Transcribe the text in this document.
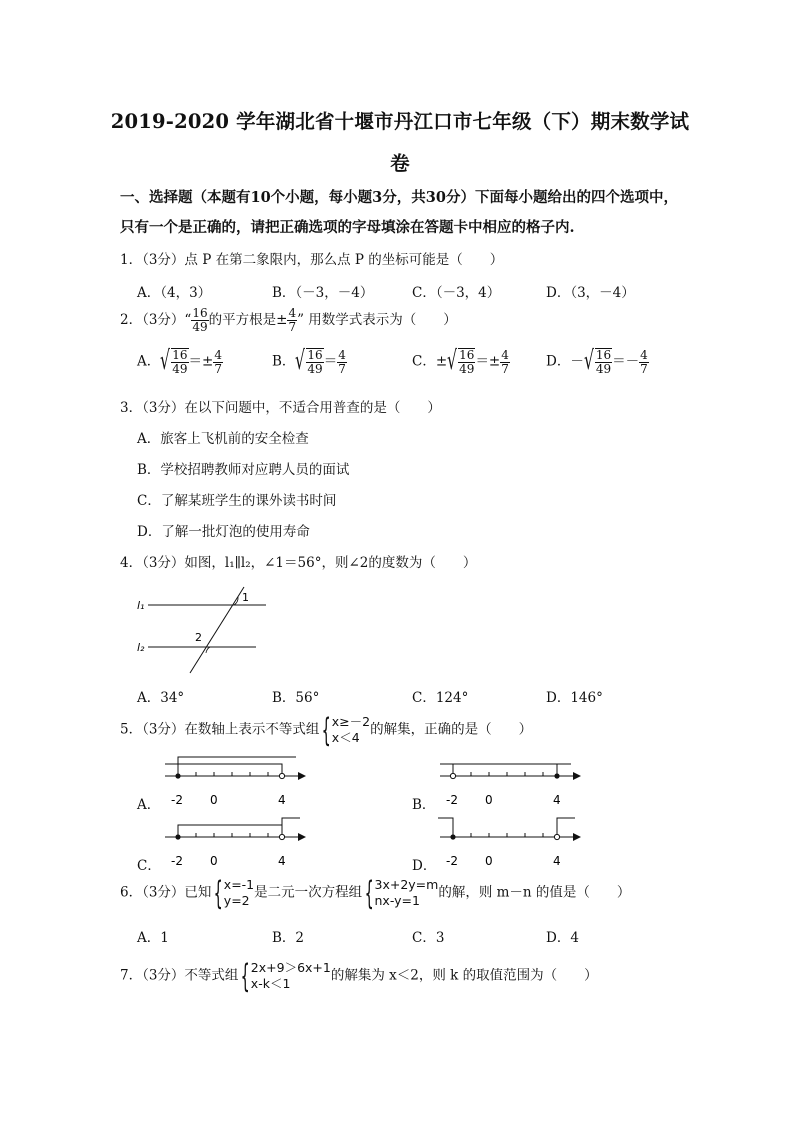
2019-2020 学年湖北省十堰市丹江口市七年级（下）期末数学试
卷
一、选择题（本题有10个小题，每小题3分，共30分）下面每小题给出的四个选项中，
只有一个是正确的，请把正确选项的字母填涂在答题卡中相应的格子内.
1．（3分）点 P 在第二象限内，那么点 P 的坐标可能是（　　）
A．（4，3）	B．（－3，－4）	C．（－3，4）	D．（3，－4）
2．（3分）“ $\frac{16}{49}$ 的平方根是± $\frac{4}{7}$ ” 用数学式表示为（　　）
A． √ $\frac{16}{49} =\pm \frac{4}{7}$	B． √ $\frac{16}{49} = \frac{4}{7}$	C．± √ $\frac{16}{49} =\pm \frac{4}{7}$	D．－ √ $\frac{16}{49} =- \frac{4}{7}$
3．（3分）在以下问题中，不适合用普查的是（　　）
A．旅客上飞机前的安全检查
B．学校招聘教师对应聘人员的面试
C．了解某班学生的课外读书时间
D．了解一批灯泡的使用寿命
4．（3分）如图，l₁∥l₂，∠1＝56°，则∠2的度数为（　　）
l₁
l₂
1
2
A．34°	B．56°	C．124°	D．146°
5．（3分）在数轴上表示不等式组{ x≥－2
x＜4 的解集，正确的是（　　）
A． -2 0	4	B． -2 0	4
C． -2 0	4	D． -2 0	4
6．（3分）已知{ x=-1
y=2 是二元一次方程组{ 3x+2y=m
nx-y=1	的解，则 m－n 的值是（　　）
A．1	B．2	C．3	D．4
7．（3分）不等式组{ 2x+9＞6x+1
x-k＜1	的解集为 x＜2，则 k 的取值范围为（　　）
